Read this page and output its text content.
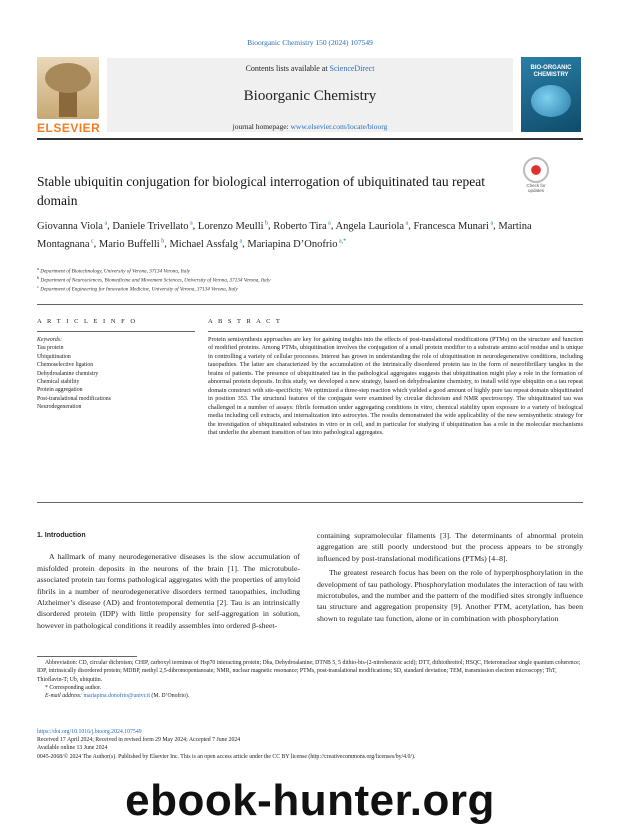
Bioorganic Chemistry 150 (2024) 107549
ELSEVIER
Contents lists available at ScienceDirect
Bioorganic Chemistry
journal homepage: www.elsevier.com/locate/bioorg
BIO-ORGANIC CHEMISTRY
Stable ubiquitin conjugation for biological interrogation of ubiquitinated tau repeat domain
Check for updates
Giovanna Viola $^a$, Daniele Trivellato $^a$, Lorenzo Meulli $^b$, Roberto Tira $^a$, Angela Lauriola $^a$, Francesca Munari $^a$, Martina Montagnana $^c$, Mario Buffelli $^b$, Michael Assfalg $^a$, Mariapina D’Onofrio $^{a,*}$
$^a$ Department of Biotechnology, University of Verona, 37134 Verona, Italy
$^b$ Department of Neurosciences, Biomedicine and Movement Sciences, University of Verona, 37134 Verona, Italy
$^c$ Department of Engineering for Innovation Medicine, University of Verona, 37134 Verona, Italy
A R T I C L E I N F O	A B S T R A C T
Keywords:
Tau protein
Ubiquitination
Chemoselective ligation
Dehydroalanine chemistry
Chemical stability
Protein aggregation
Post-translational modifications
Neurodegeneration
Protein semisynthesis approaches are key for gaining insights into the effects of post-translational modifications (PTMs) on the structure and function of modified proteins. Among PTMs, ubiquitination involves the conjugation of a small protein modifier to a substrate amino acid residue and is unique in controlling a variety of cellular processes. Interest has grown in understanding the role of ubiquitination in neurodegenerative conditions, including tauopathies. The latter are characterized by the accumulation of the intrinsically disordered protein tau in the form of neurofibrillary tangles in the brains of patients. The presence of ubiquitinated tau in the pathological aggregates suggests that ubiquitination might play a role in the formation of abnormal protein deposits. In this study, we developed a new strategy, based on dehydroalanine chemistry, to install wild type ubiquitin on a tau repeat domain construct with site-specificity. We optimized a three-step reaction which yielded a good amount of highly pure tau repeat domain ubiquitinated in position 353. The structural features of the conjugate were examined by circular dichroism and NMR spectroscopy. The ubiquitinated tau was challenged in a number of assays: fibrils formation under aggregating conditions in vitro, chemical stability upon exposure to a variety of biological media including cell extracts, and internalization into astrocytes. The results demonstrated the wide applicability of the new semisynthetic strategy for the investigation of ubiquitinated substrates in vitro or in cell, and in particular for studying if ubiquitination has a role in the molecular mechanisms that underlie the aberrant transition of tau into pathological aggregates.
1. Introduction

A hallmark of many neurodegenerative diseases is the slow accumulation of misfolded protein deposits in the neurons of the brain [1]. The microtubule-associated protein tau forms pathological aggregates with the properties of amyloid fibrils in a number of neurodegenerative disorders termed tauopathies, including Alzheimer’s disease (AD) and frontotemporal dementia [2]. Tau is an intrinsically disordered protein (IDP) with little propensity for self-aggregation in solution, however in pathological conditions it readily assembles into ordered β-sheet-

containing supramolecular filaments [3]. The determinants of abnormal protein aggregation are still poorly understood but the process appears to be strongly influenced by post-translational modifications (PTMs) [4–8].

The greatest research focus has been on the role of hyperphosphorylation in the development of tau pathology. Phosphorylation modulates the interaction of tau with microtubules, and the number and the pattern of the modified sites strongly influence tau structure and aggregation propensity [9]. Another PTM, acetylation, has been shown to regulate tau function, alone or in combination with phosphorylation

Abbreviation: CD, circular dichroism; CHIP, carboxyl terminus of Hsp70 interacting protein; Dha, Dehydroalanine; DTNB 5, 5 dithio-bis-(2-nitrobenzoic acid); DTT, dithiothreitol; HSQC, Heteronuclear single quantum coherence; IDP, intrinsically disordered protein; MDBP, methyl 2,5-dibromopentanoate; NMR, nuclear magnetic resonance; PTMs, post-translational modifications; SD, standard deviation; TEM, transmission electron microscopy; ThT, Thioflavin-T; Ub, ubiquitin.
* Corresponding author.
E-mail address: mariapina.donofrio@univr.it (M. D’Onofrio).
https://doi.org/10.1016/j.bioorg.2024.107549
Received 17 April 2024; Received in revised form 29 May 2024; Accepted 7 June 2024
Available online 13 June 2024
0045-2068/© 2024 The Author(s). Published by Elsevier Inc. This is an open access article under the CC BY license (http://creativecommons.org/licenses/by/4.0/).
ebook-hunter.org
